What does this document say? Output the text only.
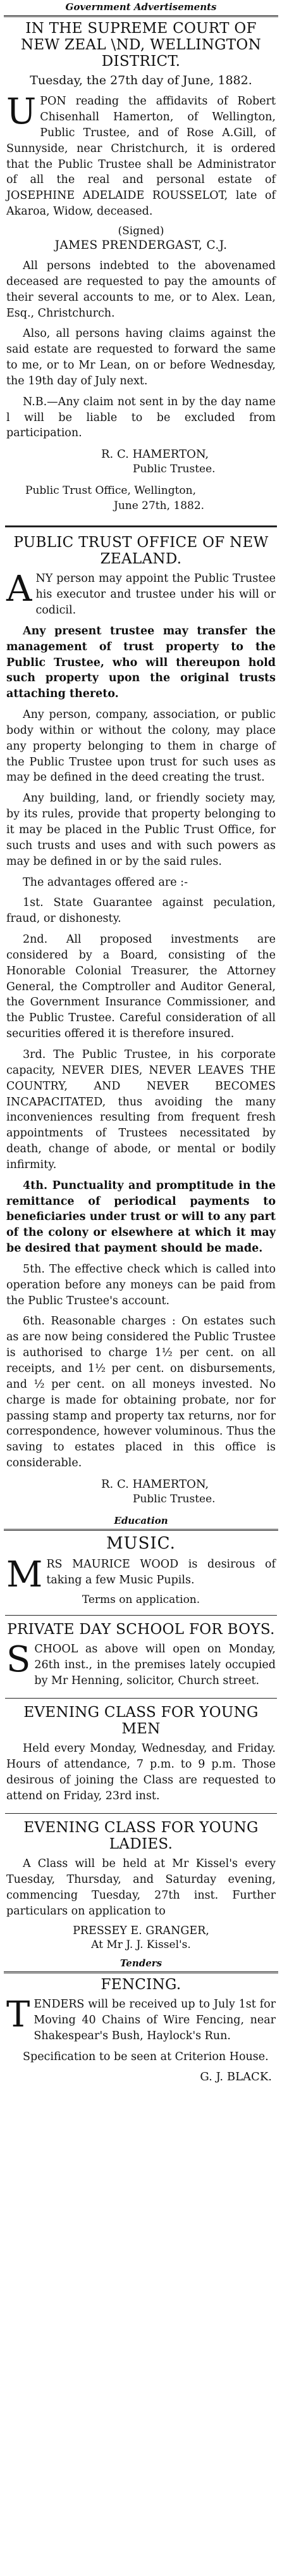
Government Advertisements
IN THE SUPREME COURT OF NEW ZEAL \ND, WELLINGTON DISTRICT.
Tuesday, the 27th day of June, 1882.

UPON reading the affidavits of Robert Chisenhall Hamerton, of Wellington, Public Trustee, and of Rose A.Gill, of Sunnyside, near Christchurch, it is ordered that the Public Trustee shall be Administrator of all the real and personal estate of JOSEPHINE ADELAIDE ROUSSELOT, late of Akaroa, Widow, deceased.

(Signed)
JAMES PRENDERGAST, C.J.

All persons indebted to the abovenamed deceased are requested to pay the amounts of their several accounts to me, or to Alex. Lean, Esq., Christchurch.

Also, all persons having claims against the said estate are requested to forward the same to me, or to Mr Lean, on or before Wednesday, the 19th day of July next.

N.B.—Any claim not sent in by the day name l will be liable to be excluded from participation.

R. C. HAMERTON,

Public Trustee.

Public Trust Office, Wellington,
June 27th, 1882.
PUBLIC TRUST OFFICE OF NEW ZEALAND.

ANY person may appoint the Public Trustee his executor and trustee under his will or codicil.

Any present trustee may transfer the management of trust property to the Public Trustee, who will thereupon hold such property upon the original trusts attaching thereto.

Any person, company, association, or public body within or without the colony, may place any property belonging to them in charge of the Public Trustee upon trust for such uses as may be defined in the deed creating the trust.

Any building, land, or friendly society may, by its rules, provide that property belonging to it may be placed in the Public Trust Office, for such trusts and uses and with such powers as may be defined in or by the said rules.

The advantages offered are :-

1st. State Guarantee against peculation, fraud, or dishonesty.

2nd. All proposed investments are considered by a Board, consisting of the Honorable Colonial Treasurer, the Attorney General, the Comptroller and Auditor General, the Government Insurance Commissioner, and the Public Trustee. Careful consideration of all securities offered it is therefore insured.

3rd. The Public Trustee, in his corporate capacity, NEVER DIES, NEVER LEAVES THE COUNTRY, AND NEVER BECOMES INCAPACITATED, thus avoiding the many inconveniences resulting from frequent fresh appointments of Trustees necessitated by death, change of abode, or mental or bodily infirmity.

4th. Punctuality and promptitude in the remittance of periodical payments to beneficiaries under trust or will to any part of the colony or elsewhere at which it may be desired that payment should be made.

5th. The effective check which is called into operation before any moneys can be paid from the Public Trustee's account.

6th. Reasonable charges : On estates such as are now being considered the Public Trustee is authorised to charge 1½ per cent. on all receipts, and 1½ per cent. on disbursements, and ½ per cent. on all moneys invested. No charge is made for obtaining probate, nor for passing stamp and property tax returns, nor for correspondence, however voluminous. Thus the saving to estates placed in this office is considerable.

R. C. HAMERTON,

Public Trustee.

Education
MUSIC.

MRS MAURICE WOOD is desirous of taking a few Music Pupils.

Terms on application.
PRIVATE DAY SCHOOL FOR BOYS.

SCHOOL as above will open on Monday, 26th inst., in the premises lately occupied by Mr Henning, solicitor, Church street.

EVENING CLASS FOR YOUNG MEN

Held every Monday, Wednesday, and Friday. Hours of attendance, 7 p.m. to 9 p.m. Those desirous of joining the Class are requested to attend on Friday, 23rd inst.

EVENING CLASS FOR YOUNG LADIES.

A Class will be held at Mr Kissel's every Tuesday, Thursday, and Saturday evening, commencing Tuesday, 27th inst. Further particulars on application to

PRESSEY E. GRANGER,
At Mr J. J. Kissel's.
Tenders
FENCING.

TENDERS will be received up to July 1st for Moving 40 Chains of Wire Fencing, near Shakespear's Bush, Haylock's Run.

Specification to be seen at Criterion House.

G. J. BLACK.
